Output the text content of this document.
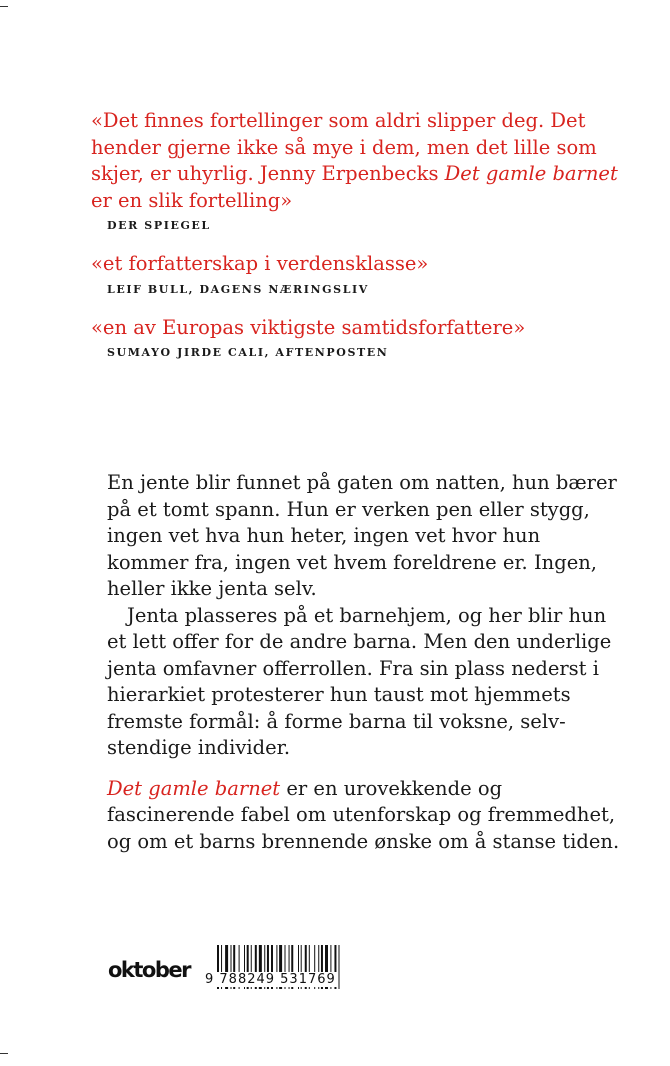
«Det finnes fortellinger som aldri slipper deg. Det hender gjerne ikke så mye i dem, men det lille som skjer, er uhyrlig. Jenny Erpenbecks Det gamle barnet er en slik fortelling»

DER SPIEGEL

«et forfatterskap i verdensklasse»

LEIF BULL, DAGENS NÆRINGSLIV

«en av Europas viktigste samtidsforfattere»

SUMAYO JIRDE CALI, AFTENPOSTEN

En jente blir funnet på gaten om natten, hun bærer på et tomt spann. Hun er verken pen eller stygg, ingen vet hva hun heter, ingen vet hvor hun kommer fra, ingen vet hvem foreldrene er. Ingen, heller ikke jenta selv.

Jenta plasseres på et barnehjem, og her blir hun et lett offer for de andre barna. Men den underlige jenta omfavner offerrollen. Fra sin plass nederst i hierarkiet protesterer hun taust mot hjemmets fremste formål: å forme barna til voksne, selv-stendige individer.

Det gamle barnet er en urovekkende og fascinerende fabel om utenforskap og fremmedhet, og om et barns brennende ønske om å stanse tiden.

oktober 9 788249 531769
